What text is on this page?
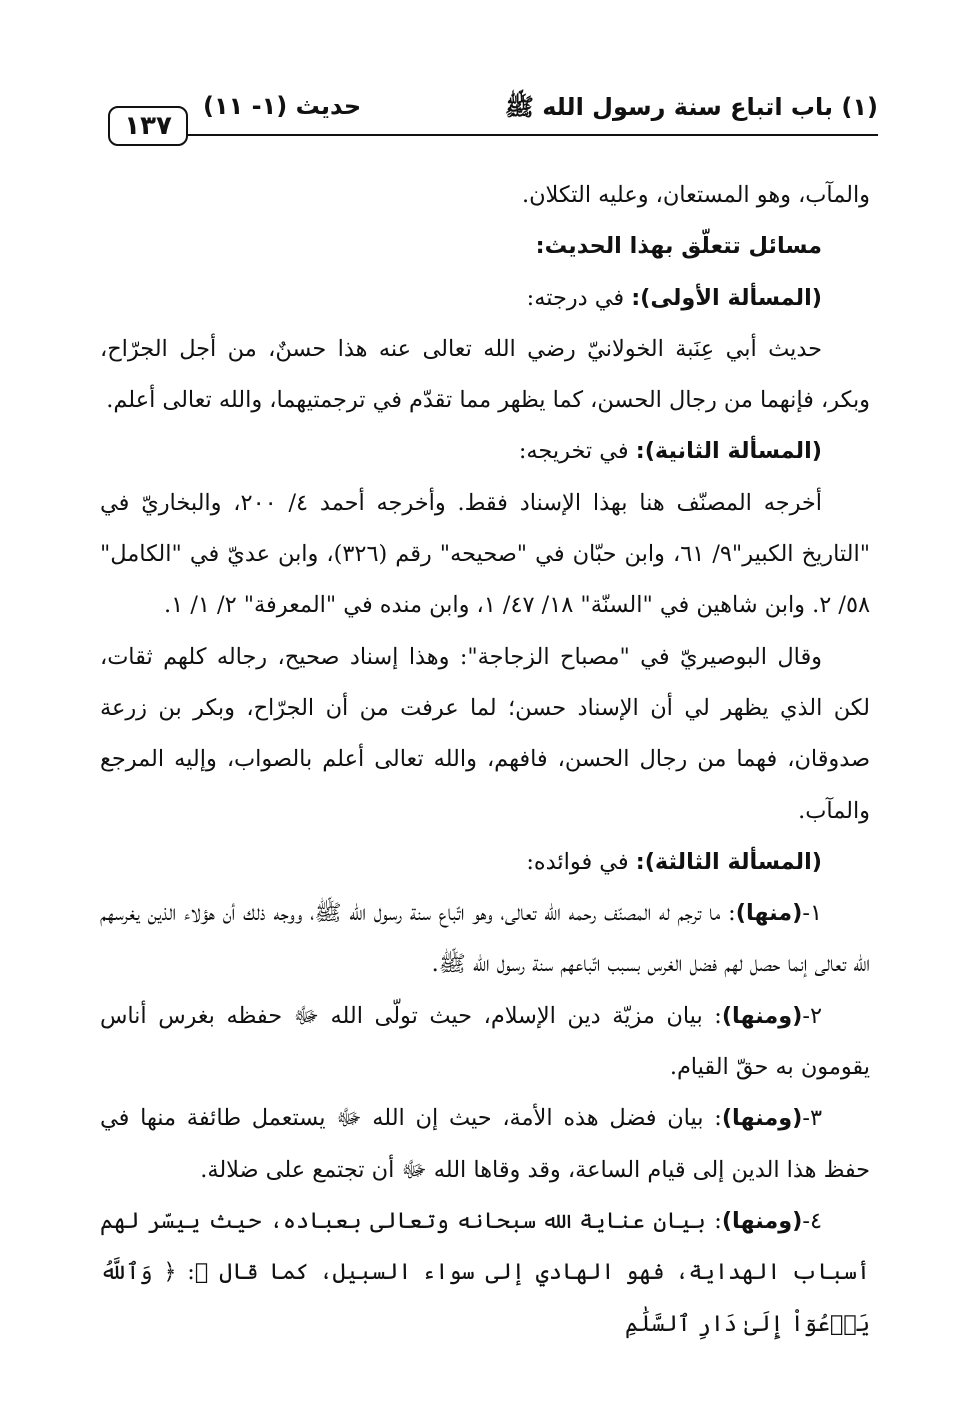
١٣٧
حديث (١- ١١)	(١) باب اتباع سنة رسول الله ﷺ

والمآب، وهو المستعان، وعليه التكلان.

مسائل تتعلّق بهذا الحديث:

(المسألة الأولى): في درجته:

حديث أبي عِنَبة الخولانيّ رضي الله تعالى عنه هذا حسنٌ، من أجل الجرّاح، وبكر، فإنهما من رجال الحسن، كما يظهر مما تقدّم في ترجمتيهما، والله تعالى أعلم.

(المسألة الثانية): في تخريجه:

أخرجه المصنّف هنا بهذا الإسناد فقط. وأخرجه أحمد ٤/ ٢٠٠، والبخاريّ في "التاريخ الكبير"٩/ ٦١، وابن حبّان في "صحيحه" رقم (٣٢٦)، وابن عديّ في "الكامل" ٥٨/ ٢. وابن شاهين في "السنّة" ١٨/ ٤٧/ ١، وابن منده في "المعرفة" ٢/ ١/ ١.

وقال البوصيريّ في "مصباح الزجاجة": وهذا إسناد صحيح، رجاله كلهم ثقات، لكن الذي يظهر لي أن الإسناد حسن؛ لما عرفت من أن الجرّاح، وبكر بن زرعة صدوقان، فهما من رجال الحسن، فافهم، والله تعالى أعلم بالصواب، وإليه المرجع والمآب.

(المسألة الثالثة): في فوائده:

١-(منها): ما ترجم له المصنّف رحمه الله تعالى، وهو اتّباع سنة رسول الله ﷺ، ووجه ذلك أن هؤلاء الذين يغرسهم الله تعالى إنما حصل لهم فضل الغرس بسبب اتّباعهم سنة رسول الله ﷺ.

٢-(ومنها): بيان مزيّة دين الإسلام، حيث تولّى الله ﷻ حفظه بغرس أناس يقومون به حقّ القيام.

٣-(ومنها): بيان فضل هذه الأمة، حيث إن الله ﷻ يستعمل طائفة منها في حفظ هذا الدين إلى قيام الساعة، وقد وقاها الله ﷻ أن تجتمع على ضلالة.

٤-(ومنها): بيان عناية الله سبحانه وتعالى بعباده، حيث ييسّر لهم أسباب الهداية، فهو الهادي إلى سواء السبيل، كما قال ﷻ: ﴿ وَٱللَّهُ يَدۡعُوٓاْ إِلَىٰ دَارِ ٱلسَّلَٰمِ
